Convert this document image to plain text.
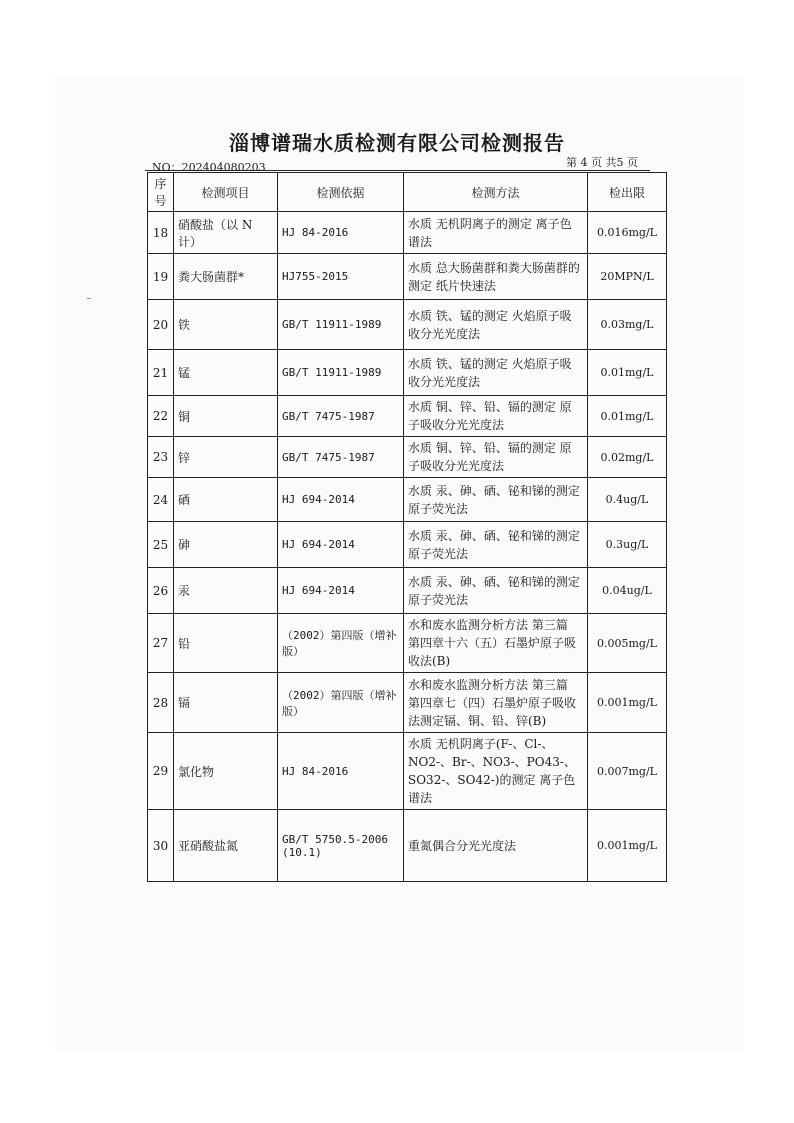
淄博谱瑞水质检测有限公司检测报告
NO：202404080203	第 4 页 共5 页
序号	检测项目	检测依据	检测方法	检出限
18	硝酸盐（以 N 计）	HJ 84-2016	水质 无机阴离子的测定 离子色谱法	0.016mg/L
19	粪大肠菌群*	HJ755-2015	水质 总大肠菌群和粪大肠菌群的测定 纸片快速法	20MPN/L
20	铁	GB/T 11911-1989	水质 铁、锰的测定 火焰原子吸收分光光度法	0.03mg/L
21	锰	GB/T 11911-1989	水质 铁、锰的测定 火焰原子吸收分光光度法	0.01mg/L
22	铜	GB/T 7475-1987	水质 铜、锌、铅、镉的测定 原子吸收分光光度法	0.01mg/L
23	锌	GB/T 7475-1987	水质 铜、锌、铅、镉的测定 原子吸收分光光度法	0.02mg/L
24	硒	HJ 694-2014	水质 汞、砷、硒、铋和锑的测定 原子荧光法	0.4ug/L
25	砷	HJ 694-2014	水质 汞、砷、硒、铋和锑的测定 原子荧光法	0.3ug/L
26	汞	HJ 694-2014	水质 汞、砷、硒、铋和锑的测定 原子荧光法	0.04ug/L
27	铅	（2002）第四版（增补版）	水和废水监测分析方法 第三篇 第四章十六（五）石墨炉原子吸收法(B)	0.005mg/L
28	镉	（2002）第四版（增补版）	水和废水监测分析方法 第三篇 第四章七（四）石墨炉原子吸收法测定镉、铜、铅、锌(B)	0.001mg/L
29	氯化物	HJ 84-2016	水质 无机阴离子(F-、Cl-、NO2-、Br-、NO3-、PO43-、SO32-、SO42-)的测定 离子色谱法	0.007mg/L
30	亚硝酸盐氮	GB/T 5750.5-2006 (10.1)	重氮偶合分光光度法	0.001mg/L
